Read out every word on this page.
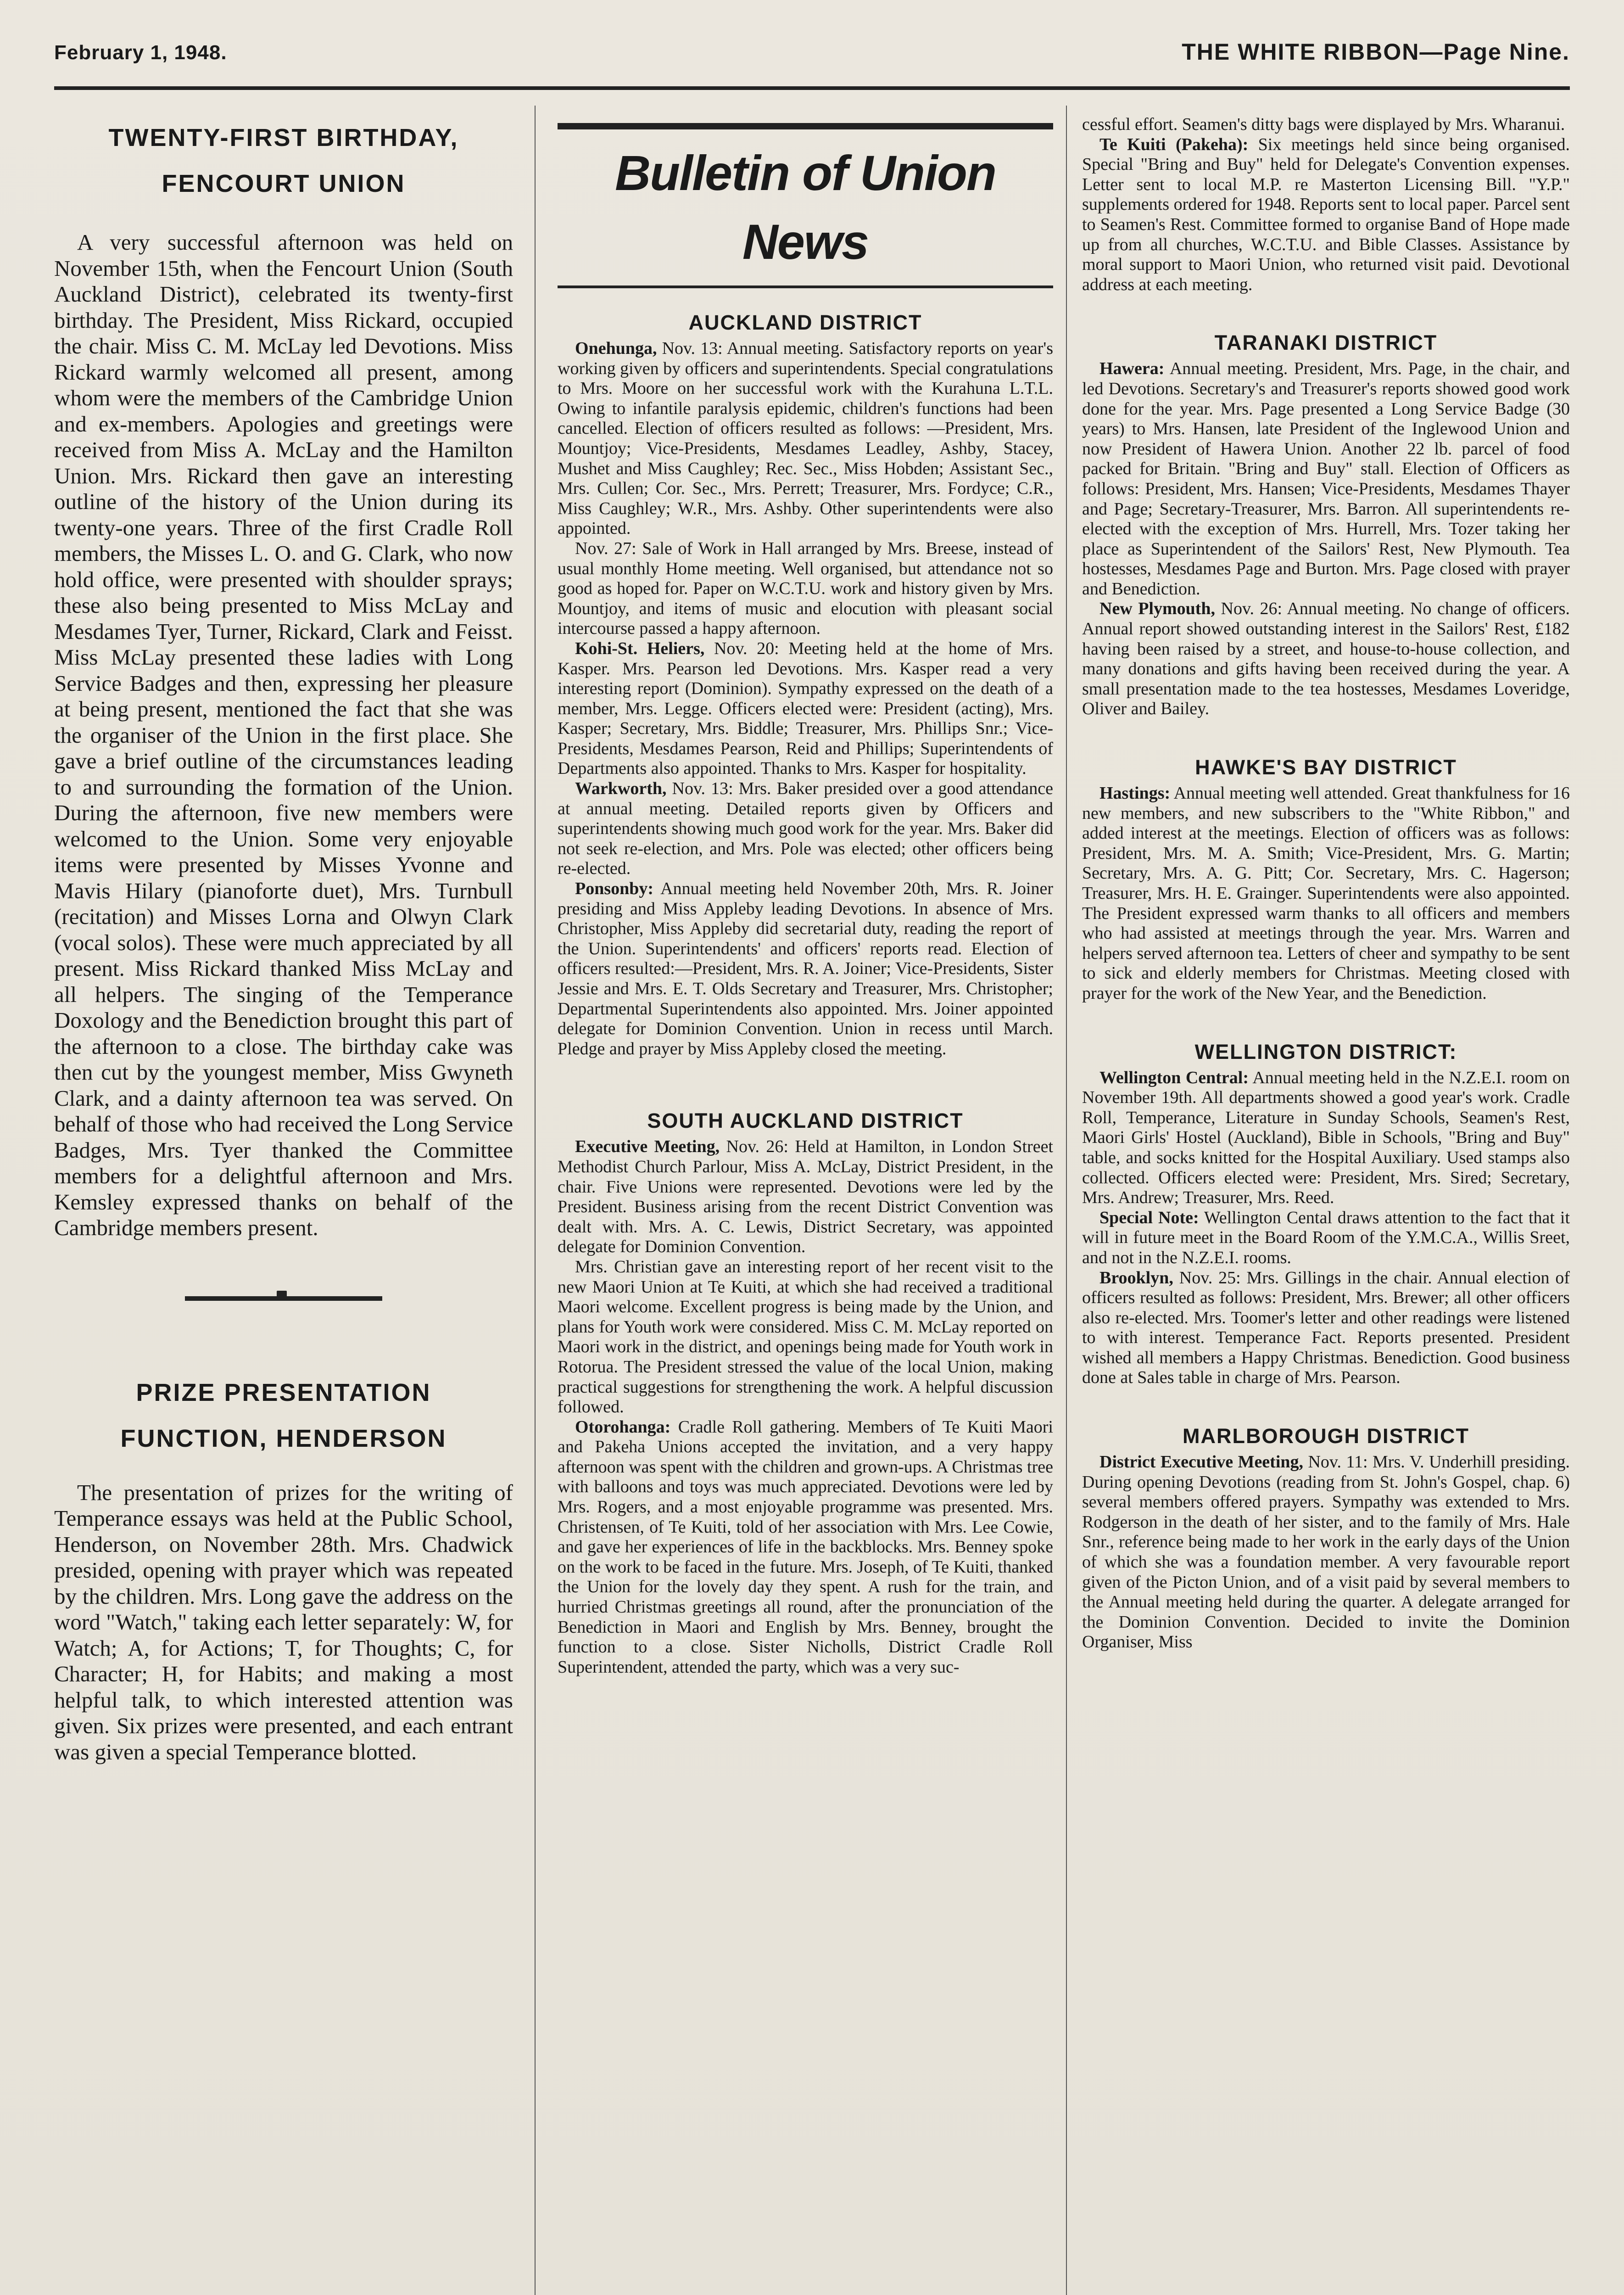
February 1, 1948.	THE WHITE RIBBON—Page Nine.
TWENTY-FIRST BIRTHDAY,
FENCOURT UNION

A very successful afternoon was held on November 15th, when the Fencourt Union (South Auckland District), celebrated its twenty-first birthday. The President, Miss Rickard, occupied the chair. Miss C. M. McLay led Devotions. Miss Rickard warmly welcomed all present, among whom were the members of the Cambridge Union and ex-members. Apologies and greetings were received from Miss A. McLay and the Hamilton Union. Mrs. Rickard then gave an interesting outline of the history of the Union during its twenty-one years. Three of the first Cradle Roll members, the Misses L. O. and G. Clark, who now hold office, were presented with shoulder sprays; these also being presented to Miss McLay and Mesdames Tyer, Turner, Rickard, Clark and Feisst. Miss McLay presented these ladies with Long Service Badges and then, expressing her pleasure at being present, mentioned the fact that she was the organiser of the Union in the first place. She gave a brief outline of the circumstances leading to and surrounding the formation of the Union. During the afternoon, five new members were welcomed to the Union. Some very enjoyable items were presented by Misses Yvonne and Mavis Hilary (pianoforte duet), Mrs. Turnbull (recitation) and Misses Lorna and Olwyn Clark (vocal solos). These were much appreciated by all present. Miss Rickard thanked Miss McLay and all helpers. The singing of the Temperance Doxology and the Benediction brought this part of the afternoon to a close. The birthday cake was then cut by the youngest member, Miss Gwyneth Clark, and a dainty afternoon tea was served. On behalf of those who had received the Long Service Badges, Mrs. Tyer thanked the Committee members for a delightful afternoon and Mrs. Kemsley expressed thanks on behalf of the Cambridge members present.

PRIZE PRESENTATION
FUNCTION, HENDERSON

The presentation of prizes for the writing of Temperance essays was held at the Public School, Henderson, on November 28th. Mrs. Chadwick presided, opening with prayer which was repeated by the children. Mrs. Long gave the address on the word "Watch," taking each letter separately: W, for Watch; A, for Actions; T, for Thoughts; C, for Character; H, for Habits; and making a most helpful talk, to which interested attention was given. Six prizes were presented, and each entrant was given a special Temperance blotted.

Bulletin of Union News
AUCKLAND DISTRICT

Onehunga, Nov. 13: Annual meeting. Satisfactory reports on year's working given by officers and superintendents. Special congratulations to Mrs. Moore on her successful work with the Kurahuna L.T.L. Owing to infantile paralysis epidemic, children's functions had been cancelled. Election of officers resulted as follows: —President, Mrs. Mountjoy; Vice-Presidents, Mesdames Leadley, Ashby, Stacey, Mushet and Miss Caughley; Rec. Sec., Miss Hobden; Assistant Sec., Mrs. Cullen; Cor. Sec., Mrs. Perrett; Treasurer, Mrs. Fordyce; C.R., Miss Caughley; W.R., Mrs. Ashby. Other superintendents were also appointed.

Nov. 27: Sale of Work in Hall arranged by Mrs. Breese, instead of usual monthly Home meeting. Well organised, but attendance not so good as hoped for. Paper on W.C.T.U. work and history given by Mrs. Mountjoy, and items of music and elocution with pleasant social intercourse passed a happy afternoon.

Kohi-St. Heliers, Nov. 20: Meeting held at the home of Mrs. Kasper. Mrs. Pearson led Devotions. Mrs. Kasper read a very interesting report (Dominion). Sympathy expressed on the death of a member, Mrs. Legge. Officers elected were: President (acting), Mrs. Kasper; Secretary, Mrs. Biddle; Treasurer, Mrs. Phillips Snr.; Vice-Presidents, Mesdames Pearson, Reid and Phillips; Superintendents of Departments also appointed. Thanks to Mrs. Kasper for hospitality.

Warkworth, Nov. 13: Mrs. Baker presided over a good attendance at annual meeting. Detailed reports given by Officers and superintendents showing much good work for the year. Mrs. Baker did not seek re-election, and Mrs. Pole was elected; other officers being re-elected.

Ponsonby: Annual meeting held November 20th, Mrs. R. Joiner presiding and Miss Appleby leading Devotions. In absence of Mrs. Christopher, Miss Appleby did secretarial duty, reading the report of the Union. Superintendents' and officers' reports read. Election of officers resulted:—President, Mrs. R. A. Joiner; Vice-Presidents, Sister Jessie and Mrs. E. T. Olds Secretary and Treasurer, Mrs. Christopher; Departmental Superintendents also appointed. Mrs. Joiner appointed delegate for Dominion Convention. Union in recess until March. Pledge and prayer by Miss Appleby closed the meeting.

SOUTH AUCKLAND DISTRICT

Executive Meeting, Nov. 26: Held at Hamilton, in London Street Methodist Church Parlour, Miss A. McLay, District President, in the chair. Five Unions were represented. Devotions were led by the President. Business arising from the recent District Convention was dealt with. Mrs. A. C. Lewis, District Secretary, was appointed delegate for Dominion Convention.

Mrs. Christian gave an interesting report of her recent visit to the new Maori Union at Te Kuiti, at which she had received a traditional Maori welcome. Excellent progress is being made by the Union, and plans for Youth work were considered. Miss C. M. McLay reported on Maori work in the district, and openings being made for Youth work in Rotorua. The President stressed the value of the local Union, making practical suggestions for strengthening the work. A helpful discussion followed.

Otorohanga: Cradle Roll gathering. Members of Te Kuiti Maori and Pakeha Unions accepted the invitation, and a very happy afternoon was spent with the children and grown-ups. A Christmas tree with balloons and toys was much appreciated. Devotions were led by Mrs. Rogers, and a most enjoyable programme was presented. Mrs. Christensen, of Te Kuiti, told of her association with Mrs. Lee Cowie, and gave her experiences of life in the backblocks. Mrs. Benney spoke on the work to be faced in the future. Mrs. Joseph, of Te Kuiti, thanked the Union for the lovely day they spent. A rush for the train, and hurried Christmas greetings all round, after the pronunciation of the Benediction in Maori and English by Mrs. Benney, brought the function to a close. Sister Nicholls, District Cradle Roll Superintendent, attended the party, which was a very suc-

cessful effort. Seamen's ditty bags were displayed by Mrs. Wharanui.

Te Kuiti (Pakeha): Six meetings held since being organised. Special "Bring and Buy" held for Delegate's Convention expenses. Letter sent to local M.P. re Masterton Licensing Bill. "Y.P." supplements ordered for 1948. Reports sent to local paper. Parcel sent to Seamen's Rest. Committee formed to organise Band of Hope made up from all churches, W.C.T.U. and Bible Classes. Assistance by moral support to Maori Union, who returned visit paid. Devotional address at each meeting.

TARANAKI DISTRICT

Hawera: Annual meeting. President, Mrs. Page, in the chair, and led Devotions. Secretary's and Treasurer's reports showed good work done for the year. Mrs. Page presented a Long Service Badge (30 years) to Mrs. Hansen, late President of the Inglewood Union and now President of Hawera Union. Another 22 lb. parcel of food packed for Britain. "Bring and Buy" stall. Election of Officers as follows: President, Mrs. Hansen; Vice-Presidents, Mesdames Thayer and Page; Secretary-Treasurer, Mrs. Barron. All superintendents re-elected with the exception of Mrs. Hurrell, Mrs. Tozer taking her place as Superintendent of the Sailors' Rest, New Plymouth. Tea hostesses, Mesdames Page and Burton. Mrs. Page closed with prayer and Benediction.

New Plymouth, Nov. 26: Annual meeting. No change of officers. Annual report showed outstanding interest in the Sailors' Rest, £182 having been raised by a street, and house-to-house collection, and many donations and gifts having been received during the year. A small presentation made to the tea hostesses, Mesdames Loveridge, Oliver and Bailey.

HAWKE'S BAY DISTRICT

Hastings: Annual meeting well attended. Great thankfulness for 16 new members, and new subscribers to the "White Ribbon," and added interest at the meetings. Election of officers was as follows: President, Mrs. M. A. Smith; Vice-President, Mrs. G. Martin; Secretary, Mrs. A. G. Pitt; Cor. Secretary, Mrs. C. Hagerson; Treasurer, Mrs. H. E. Grainger. Superintendents were also appointed. The President expressed warm thanks to all officers and members who had assisted at meetings through the year. Mrs. Warren and helpers served afternoon tea. Letters of cheer and sympathy to be sent to sick and elderly members for Christmas. Meeting closed with prayer for the work of the New Year, and the Benediction.

WELLINGTON DISTRICT:

Wellington Central: Annual meeting held in the N.Z.E.I. room on November 19th. All departments showed a good year's work. Cradle Roll, Temperance, Literature in Sunday Schools, Seamen's Rest, Maori Girls' Hostel (Auckland), Bible in Schools, "Bring and Buy" table, and socks knitted for the Hospital Auxiliary. Used stamps also collected. Officers elected were: President, Mrs. Sired; Secretary, Mrs. Andrew; Treasurer, Mrs. Reed.

Special Note: Wellington Cental draws attention to the fact that it will in future meet in the Board Room of the Y.M.C.A., Willis Sreet, and not in the N.Z.E.I. rooms.

Brooklyn, Nov. 25: Mrs. Gillings in the chair. Annual election of officers resulted as follows: President, Mrs. Brewer; all other officers also re-elected. Mrs. Toomer's letter and other readings were listened to with interest. Temperance Fact. Reports presented. President wished all members a Happy Christmas. Benediction. Good business done at Sales table in charge of Mrs. Pearson.

MARLBOROUGH DISTRICT

District Executive Meeting, Nov. 11: Mrs. V. Underhill presiding. During opening Devotions (reading from St. John's Gospel, chap. 6) several members offered prayers. Sympathy was extended to Mrs. Rodgerson in the death of her sister, and to the family of Mrs. Hale Snr., reference being made to her work in the early days of the Union of which she was a foundation member. A very favourable report given of the Picton Union, and of a visit paid by several members to the Annual meeting held during the quarter. A delegate arranged for the Dominion Convention. Decided to invite the Dominion Organiser, Miss
